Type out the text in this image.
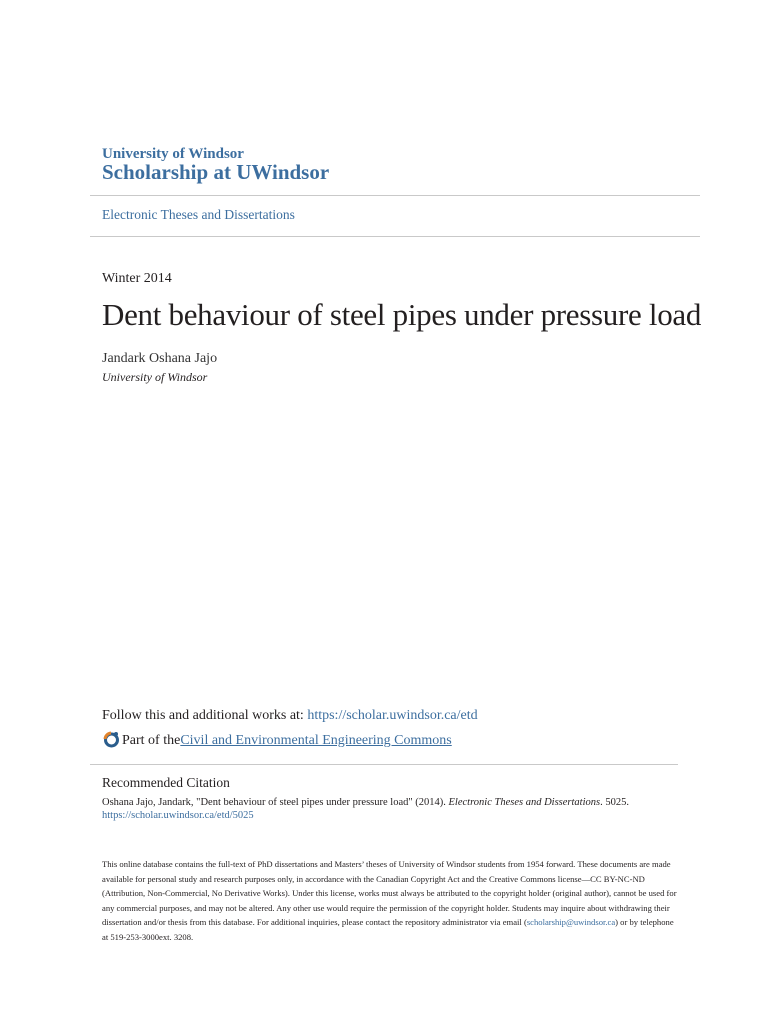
University of Windsor
Scholarship at UWindsor
Electronic Theses and Dissertations
Winter 2014
Dent behaviour of steel pipes under pressure load
Jandark Oshana Jajo
University of Windsor
Follow this and additional works at: https://scholar.uwindsor.ca/etd
Part of the Civil and Environmental Engineering Commons
Recommended Citation
Oshana Jajo, Jandark, "Dent behaviour of steel pipes under pressure load" (2014). Electronic Theses and Dissertations. 5025.
https://scholar.uwindsor.ca/etd/5025
This online database contains the full-text of PhD dissertations and Masters’ theses of University of Windsor students from 1954 forward. These documents are made available for personal study and research purposes only, in accordance with the Canadian Copyright Act and the Creative Commons license—CC BY-NC-ND (Attribution, Non-Commercial, No Derivative Works). Under this license, works must always be attributed to the copyright holder (original author), cannot be used for any commercial purposes, and may not be altered. Any other use would require the permission of the copyright holder. Students may inquire about withdrawing their dissertation and/or thesis from this database. For additional inquiries, please contact the repository administrator via email (scholarship@uwindsor.ca) or by telephone at 519-253-3000ext. 3208.
